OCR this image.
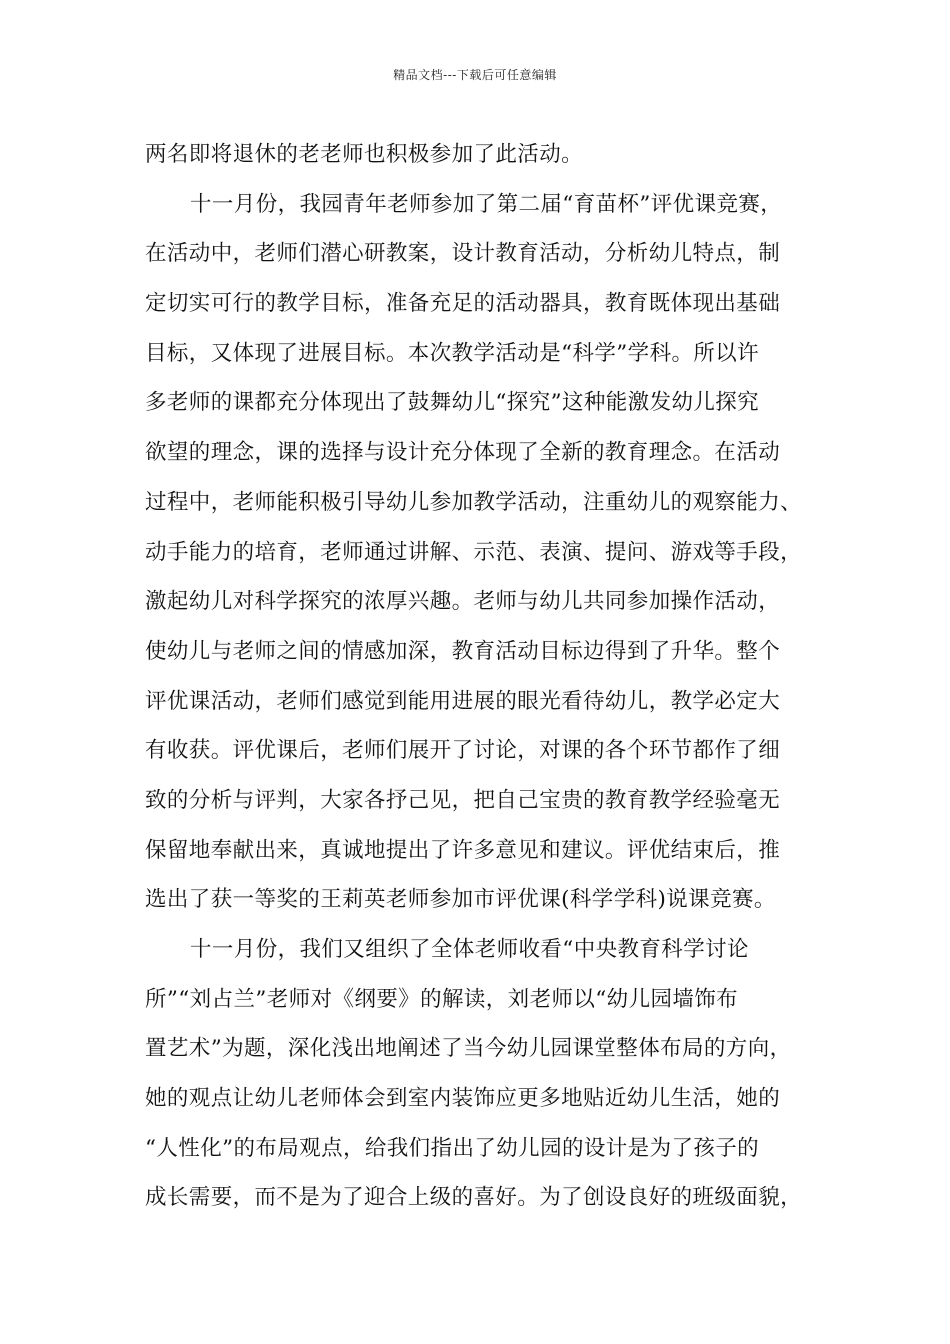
精品文档---下载后可任意编辑
两名即将退休的老老师也积极参加了此活动。
十一月份，我园青年老师参加了第二届“育苗杯”评优课竞赛，
在活动中，老师们潜心研教案，设计教育活动，分析幼儿特点，制
定切实可行的教学目标，准备充足的活动器具，教育既体现出基础
目标，又体现了进展目标。本次教学活动是“科学”学科。所以许
多老师的课都充分体现出了鼓舞幼儿“探究”这种能激发幼儿探究
欲望的理念，课的选择与设计充分体现了全新的教育理念。在活动
过程中，老师能积极引导幼儿参加教学活动，注重幼儿的观察能力、
动手能力的培育，老师通过讲解、示范、表演、提问、游戏等手段，
激起幼儿对科学探究的浓厚兴趣。老师与幼儿共同参加操作活动，
使幼儿与老师之间的情感加深，教育活动目标边得到了升华。整个
评优课活动，老师们感觉到能用进展的眼光看待幼儿，教学必定大
有收获。评优课后，老师们展开了讨论，对课的各个环节都作了细
致的分析与评判，大家各抒己见，把自己宝贵的教育教学经验毫无
保留地奉献出来，真诚地提出了许多意见和建议。评优结束后，推
选出了获一等奖的王莉英老师参加市评优课(科学学科)说课竞赛。
十一月份，我们又组织了全体老师收看“中央教育科学讨论
所”“刘占兰”老师对《纲要》的解读，刘老师以“幼儿园墙饰布
置艺术”为题，深化浅出地阐述了当今幼儿园课堂整体布局的方向，
她的观点让幼儿老师体会到室内装饰应更多地贴近幼儿生活，她的
“人性化”的布局观点，给我们指出了幼儿园的设计是为了孩子的
成长需要，而不是为了迎合上级的喜好。为了创设良好的班级面貌，
